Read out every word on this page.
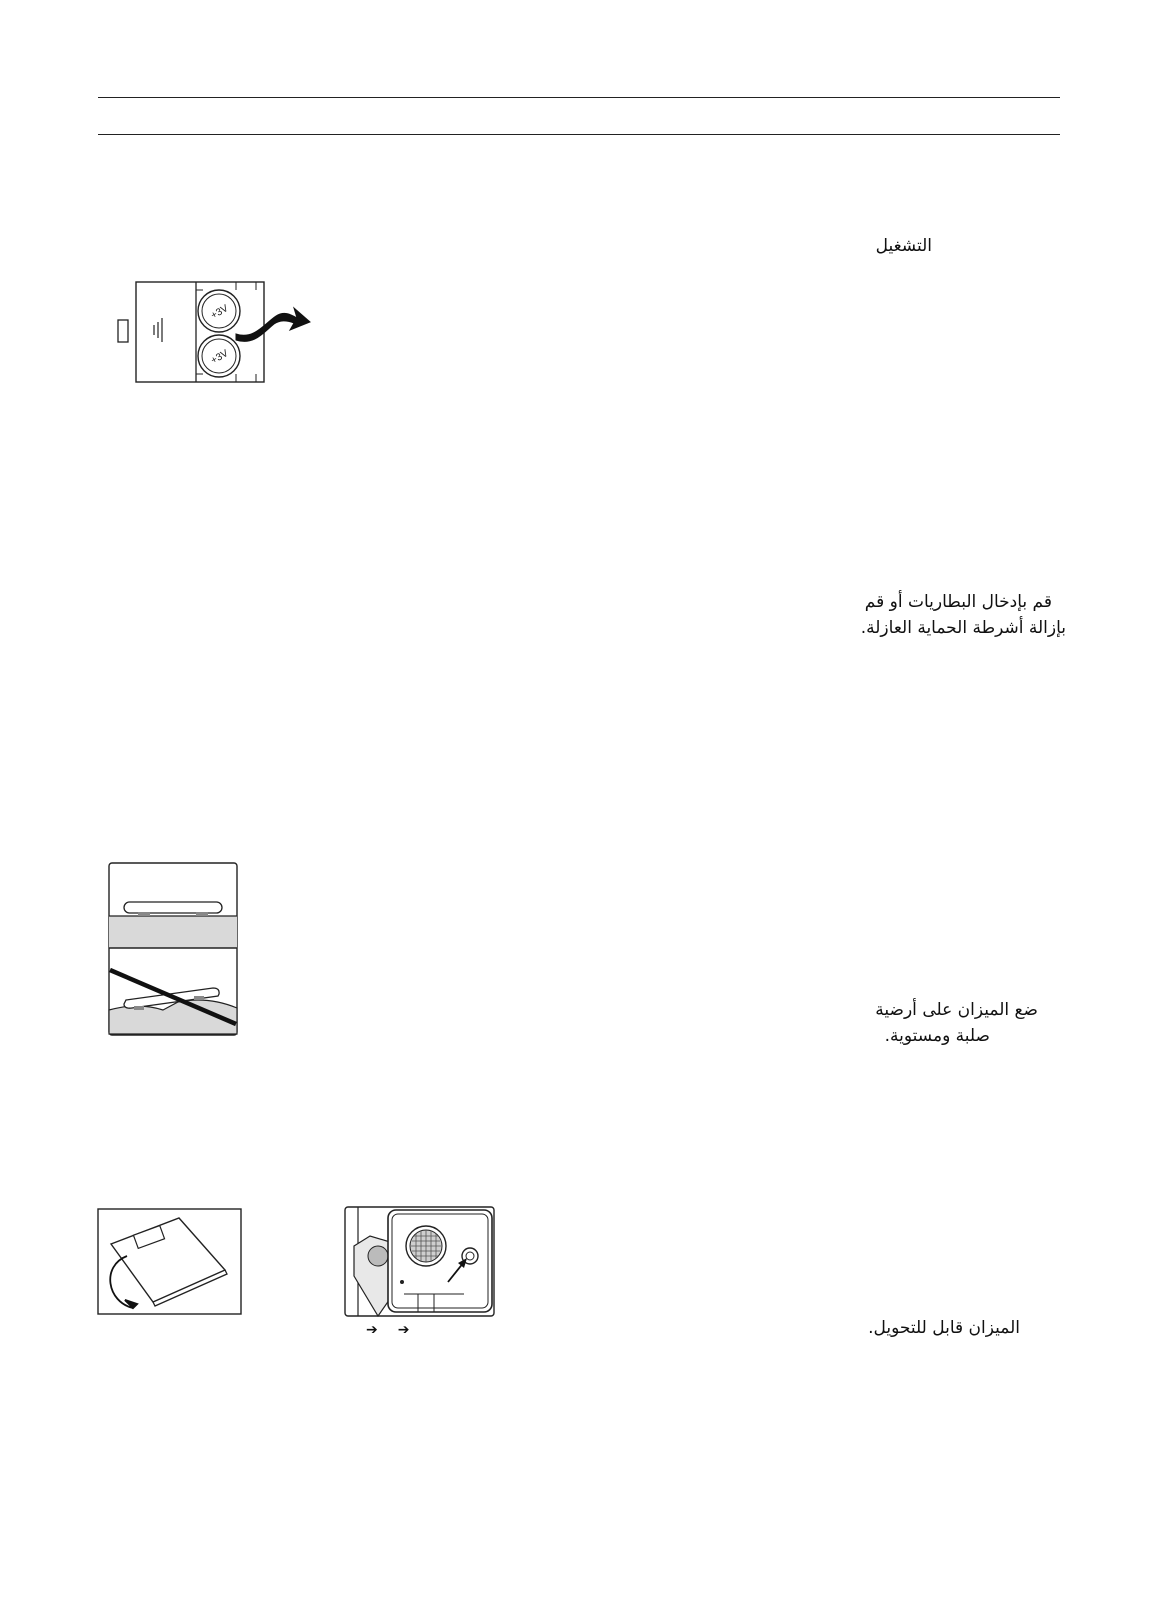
التشغيل
+3V
+3V
قم بإدخال البطاريات أو قم
بإزالة أشرطة الحماية العازلة.
ضع الميزان على أرضية
صلبة ومستوية.
➔ ➔	الميزان قابل للتحويل.
